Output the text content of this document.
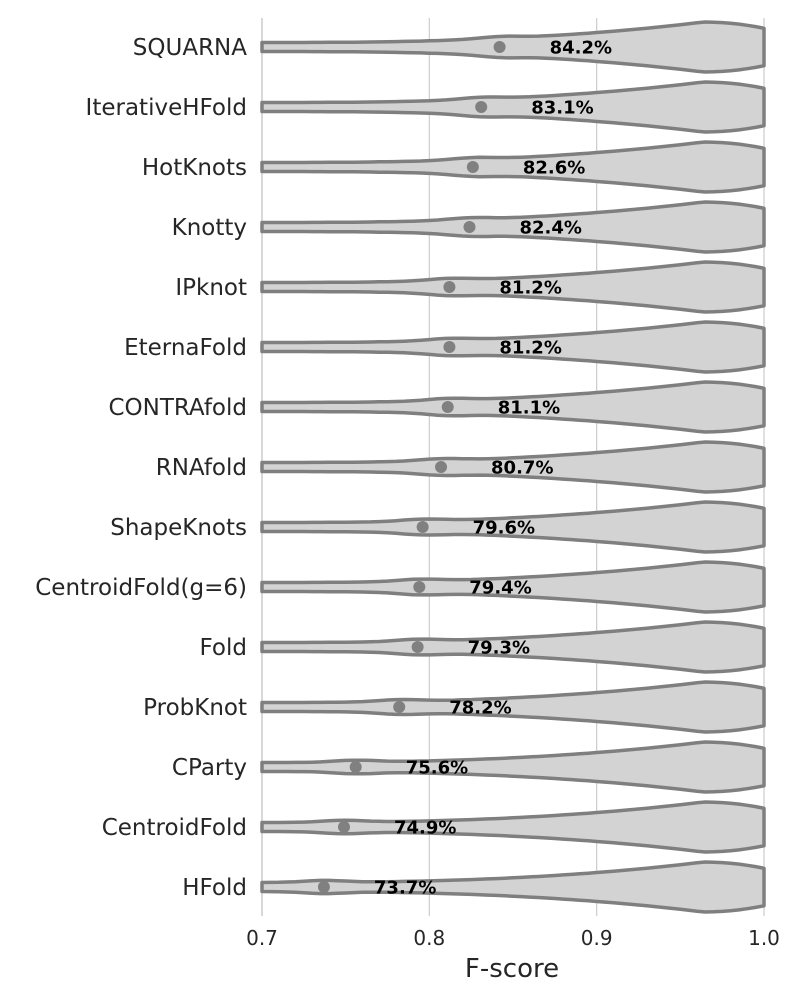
84.2%
83.1%
82.6%
82.4%
81.2%
81.2%
81.1%
80.7%
79.6%
79.4%
79.3%
78.2%
75.6%
74.9%
73.7%
SQUARNA
IterativeHFold
HotKnots
Knotty
IPknot
EternaFold
CONTRAfold
RNAfold
ShapeKnots
CentroidFold(g=6)
Fold
ProbKnot
CParty
CentroidFold
HFold
0.7	0.8	0.9	1.0
F-score
